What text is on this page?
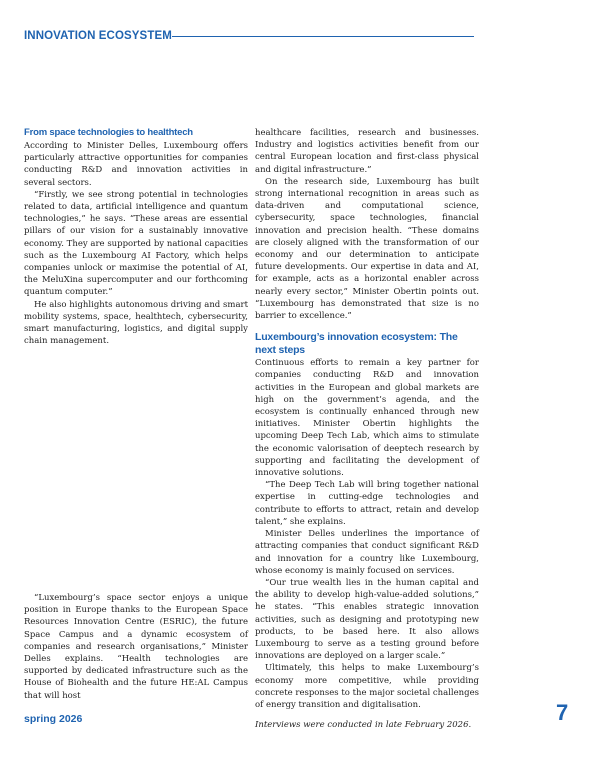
INNOVATION ECOSYSTEM
From space technologies to healthtech

According to Minister Delles, Luxembourg offers particularly attractive opportunities for companies conducting R&D and innovation activities in several sectors.

“Firstly, we see strong potential in technologies related to data, artificial intelligence and quantum technologies,” he says. “These areas are essential pillars of our vision for a sustainably innovative economy. They are supported by national capacities such as the Luxembourg AI Factory, which helps companies unlock or maximise the potential of AI, the MeluXina supercomputer and our forthcoming quantum computer.”

He also highlights autonomous driving and smart mobility systems, space, healthtech, cybersecurity, smart manufacturing, logistics, and digital supply chain management.

“Luxembourg’s space sector enjoys a unique position in Europe thanks to the European Space Resources Innovation Centre (ESRIC), the future Space Campus and a dynamic ecosystem of companies and research organisations,” Minister Delles explains. “Health technologies are supported by dedicated infrastructure such as the House of Biohealth and the future HE:AL Campus that will host

healthcare facilities, research and businesses. Industry and logistics activities benefit from our central European location and first-class physical and digital infrastructure.”

On the research side, Luxembourg has built strong international recognition in areas such as data-driven and computational science, cybersecurity, space technologies, financial innovation and precision health. “These domains are closely aligned with the transformation of our economy and our determination to anticipate future developments. Our expertise in data and AI, for example, acts as a horizontal enabler across nearly every sector,” Minister Obertin points out. “Luxembourg has demonstrated that size is no barrier to excellence.”

Luxembourg’s innovation ecosystem: The next steps

Continuous efforts to remain a key partner for companies conducting R&D and innovation activities in the European and global markets are high on the government’s agenda, and the ecosystem is continually enhanced through new initiatives. Minister Obertin highlights the upcoming Deep Tech Lab, which aims to stimulate the economic valorisation of deeptech research by supporting and facilitating the development of innovative solutions.

“The Deep Tech Lab will bring together national expertise in cutting-edge technologies and contribute to efforts to attract, retain and develop talent,” she explains.

Minister Delles underlines the importance of attracting companies that conduct significant R&D and innovation for a country like Luxembourg, whose economy is mainly focused on services.

“Our true wealth lies in the human capital and the ability to develop high-value-added solutions,” he states. “This enables strategic innovation activities, such as designing and prototyping new products, to be based here. It also allows Luxembourg to serve as a testing ground before innovations are deployed on a larger scale.”

Ultimately, this helps to make Luxembourg’s economy more competitive, while providing concrete responses to the major societal challenges of energy transition and digitalisation.

Interviews were conducted in late February 2026.

spring 2026	7
